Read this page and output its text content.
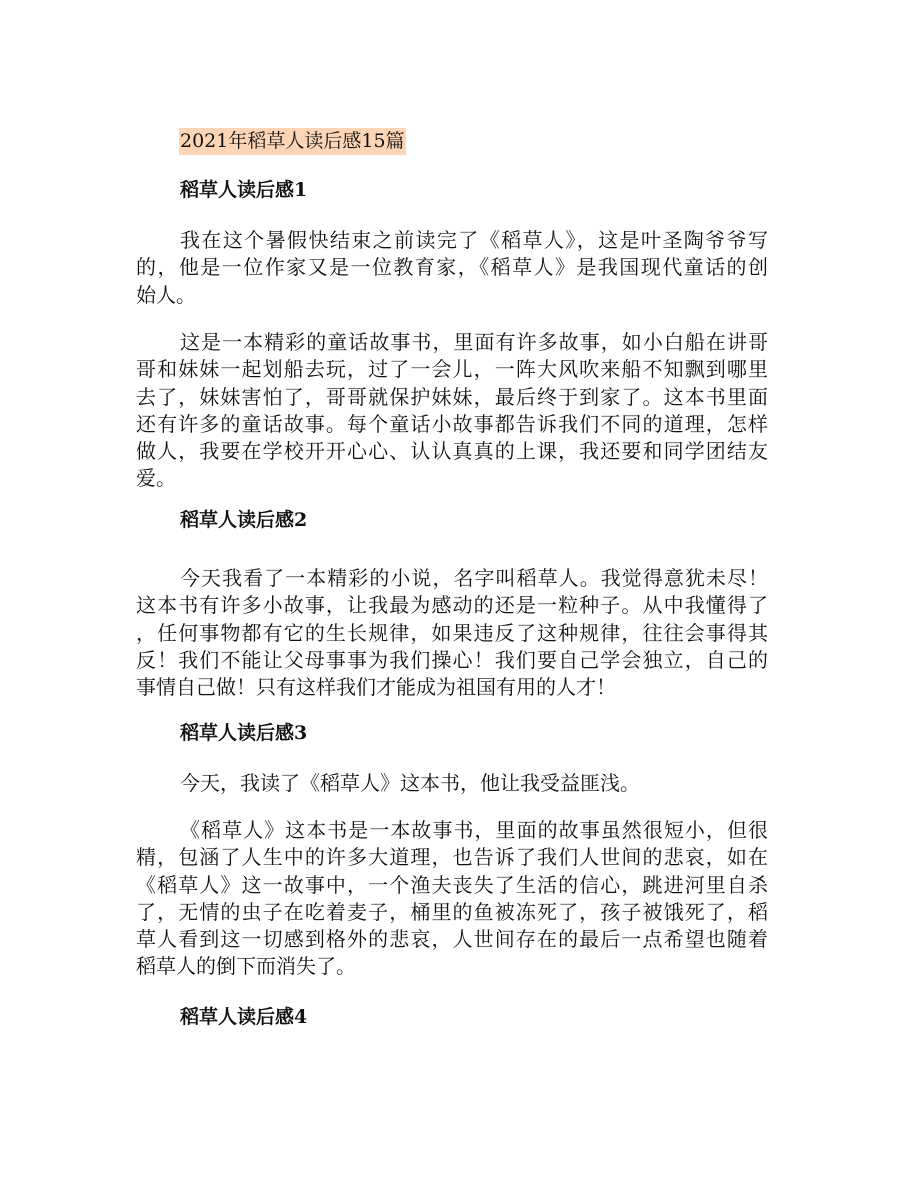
2021年稻草人读后感15篇
稻草人读后感1
我在这个暑假快结束之前读完了《稻草人》，这是叶圣陶爷爷写
的，他是一位作家又是一位教育家，《稻草人》是我国现代童话的创
始人。
这是一本精彩的童话故事书，里面有许多故事，如小白船在讲哥
哥和妹妹一起划船去玩，过了一会儿，一阵大风吹来船不知飘到哪里
去了，妹妹害怕了，哥哥就保护妹妹，最后终于到家了。这本书里面
还有许多的童话故事。每个童话小故事都告诉我们不同的道理，怎样
做人，我要在学校开开心心、认认真真的上课，我还要和同学团结友
爱。
稻草人读后感2
今天我看了一本精彩的小说，名字叫稻草人。我觉得意犹未尽！
这本书有许多小故事，让我最为感动的还是一粒种子。从中我懂得了
，任何事物都有它的生长规律，如果违反了这种规律，往往会事得其
反！我们不能让父母事事为我们操心！我们要自己学会独立，自己的
事情自己做！只有这样我们才能成为祖国有用的人才！
稻草人读后感3
今天，我读了《稻草人》这本书，他让我受益匪浅。
《稻草人》这本书是一本故事书，里面的故事虽然很短小，但很
精，包涵了人生中的许多大道理，也告诉了我们人世间的悲哀，如在
《稻草人》这一故事中，一个渔夫丧失了生活的信心，跳进河里自杀
了，无情的虫子在吃着麦子，桶里的鱼被冻死了，孩子被饿死了，稻
草人看到这一切感到格外的悲哀，人世间存在的最后一点希望也随着
稻草人的倒下而消失了。
稻草人读后感4
